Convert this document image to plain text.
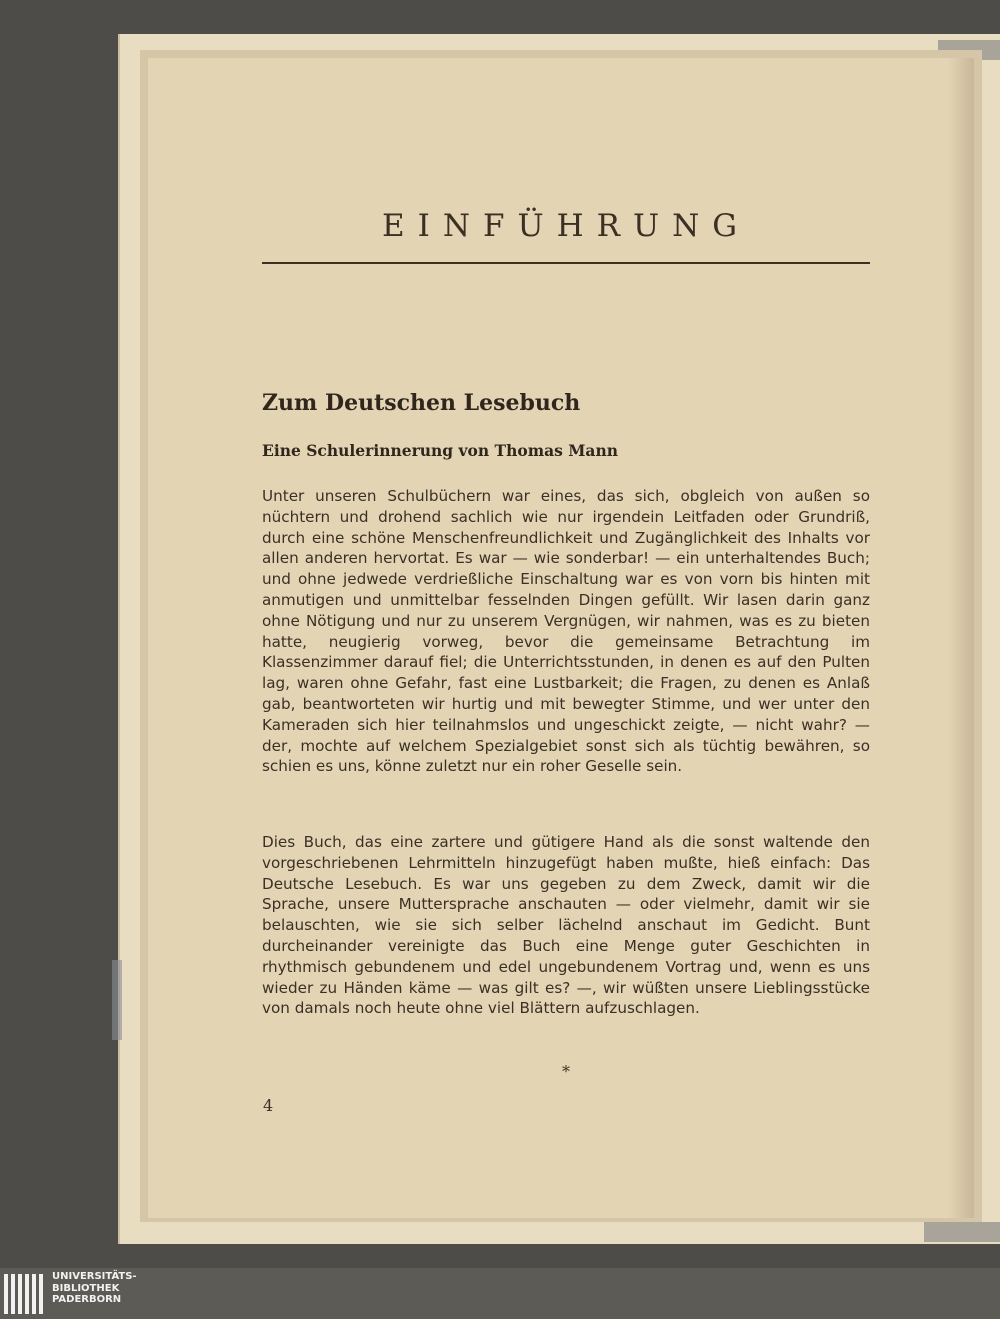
EINFÜHRUNG
Zum Deutschen Lesebuch
Eine Schulerinnerung von Thomas Mann

Unter unseren Schulbüchern war eines, das sich, obgleich von außen so nüchtern und drohend sachlich wie nur irgendein Leitfaden oder Grundriß, durch eine schöne Menschenfreundlichkeit und Zugänglichkeit des Inhalts vor allen anderen hervortat. Es war — wie sonderbar! — ein unterhaltendes Buch; und ohne jedwede verdrießliche Einschaltung war es von vorn bis hinten mit anmutigen und unmittelbar fesselnden Dingen gefüllt. Wir lasen darin ganz ohne Nötigung und nur zu unserem Vergnügen, wir nahmen, was es zu bieten hatte, neugierig vorweg, bevor die gemeinsame Betrachtung im Klassenzimmer darauf fiel; die Unterrichtsstunden, in denen es auf den Pulten lag, waren ohne Gefahr, fast eine Lustbarkeit; die Fragen, zu denen es Anlaß gab, beantworteten wir hurtig und mit bewegter Stimme, und wer unter den Kameraden sich hier teilnahmslos und ungeschickt zeigte, — nicht wahr? — der, mochte auf welchem Spezialgebiet sonst sich als tüchtig bewähren, so schien es uns, könne zuletzt nur ein roher Geselle sein.

Dies Buch, das eine zartere und gütigere Hand als die sonst waltende den vorgeschriebenen Lehrmitteln hinzugefügt haben mußte, hieß einfach: Das Deutsche Lesebuch. Es war uns gegeben zu dem Zweck, damit wir die Sprache, unsere Muttersprache anschauten — oder vielmehr, damit wir sie belauschten, wie sie sich selber lächelnd anschaut im Gedicht. Bunt durcheinander vereinigte das Buch eine Menge guter Geschichten in rhythmisch gebundenem und edel ungebundenem Vortrag und, wenn es uns wieder zu Händen käme — was gilt es? —, wir wüßten unsere Lieblingsstücke von damals noch heute ohne viel Blättern aufzuschlagen.

*
4
UNIVERSITÄTS-
BIBLIOTHEK
PADERBORN
